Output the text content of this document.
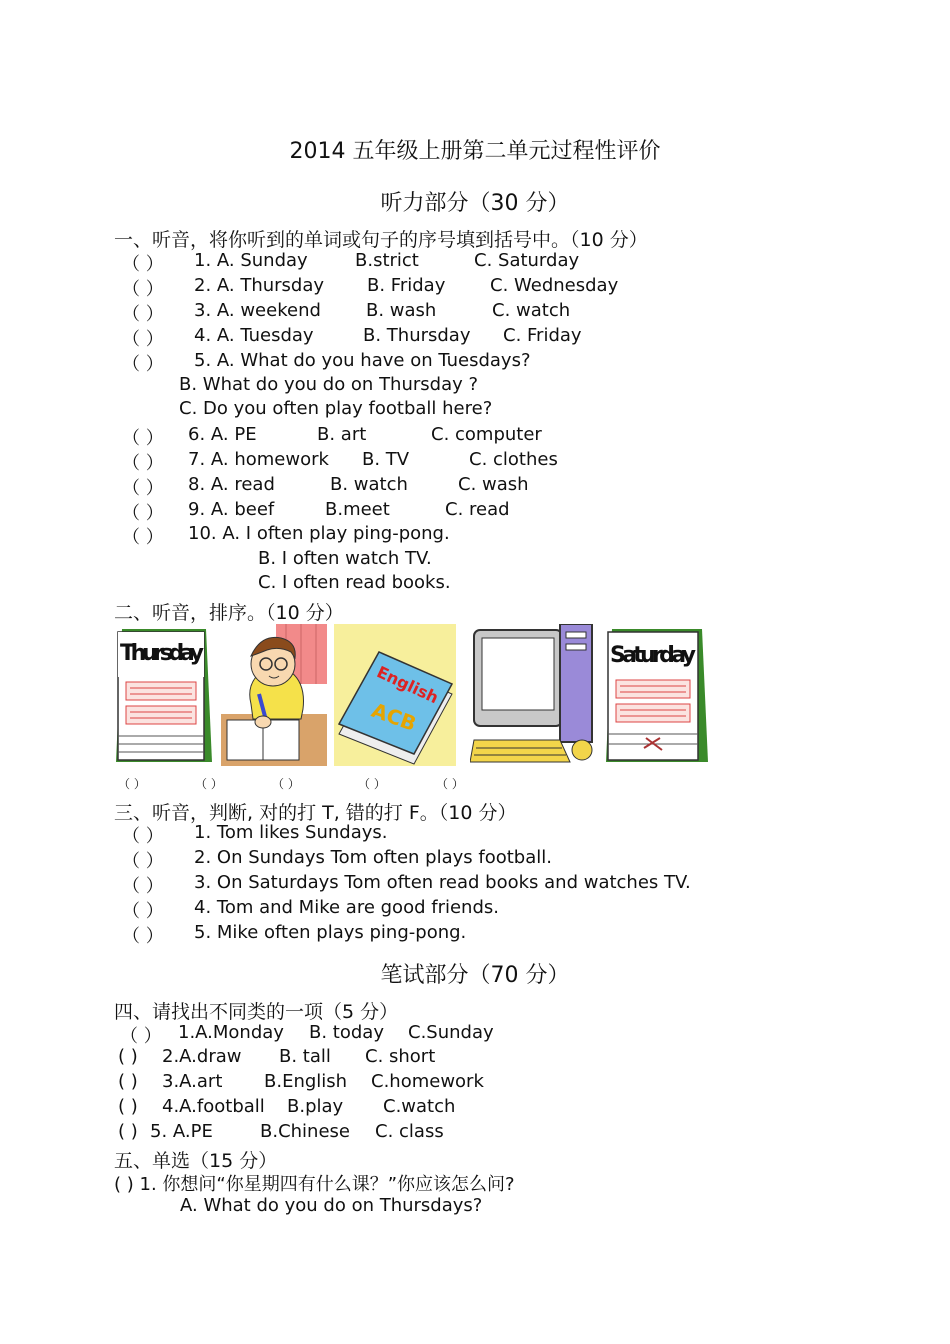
2014 五年级上册第二单元过程性评价
听力部分（30 分）
一、听音，将你听到的单词或句子的序号填到括号中。（10 分）
（ ） 1. A. Sunday	B.strict	C. Saturday
（ ） 2. A. Thursday B. Friday C. Wednesday
（ ） 3. A. weekend	B. wash	C. watch
（ ） 4. A. Tuesday	B. Thursday C. Friday
（ ） 5. A. What do you have on Tuesdays?
B. What do you do on Thursday ?
C. Do you often play football here?
（ ） 6. A. PE	B. art	C. computer
（ ） 7. A. homework B. TV	C. clothes
（ ） 8. A. read	B. watch	C. wash
（ ） 9. A. beef	B.meet	C. read
（ ） 10. A. I often play ping-pong.
B. I often watch TV.
C. I often read books.
二、听音，排序。（10 分）
Thursday
English
ACB
Saturday
（ ）	（ ）	（ ）	（ ）	（ ）
三、听音，判断, 对的打 T, 错的打 F。（10 分）
（ ） 1. Tom likes Sundays.
（ ） 2. On Sundays Tom often plays football.
（ ） 3. On Saturdays Tom often read books and watches TV.
（ ） 4. Tom and Mike are good friends.
（ ） 5. Mike often plays ping-pong.
笔试部分（70 分）
四、请找出不同类的一项（5 分）
（ ） 1.A.Monday B. today C.Sunday
( ) 2.A.draw B. tall C. short
( ) 3.A.art B.English C.homework
( ) 4.A.football B.play C.watch
( ) 5. A.PE	B.Chinese C. class
五、单选（15 分）
( ) 1. 你想问“你星期四有什么课？”你应该怎么问?
A. What do you do on Thursdays?
